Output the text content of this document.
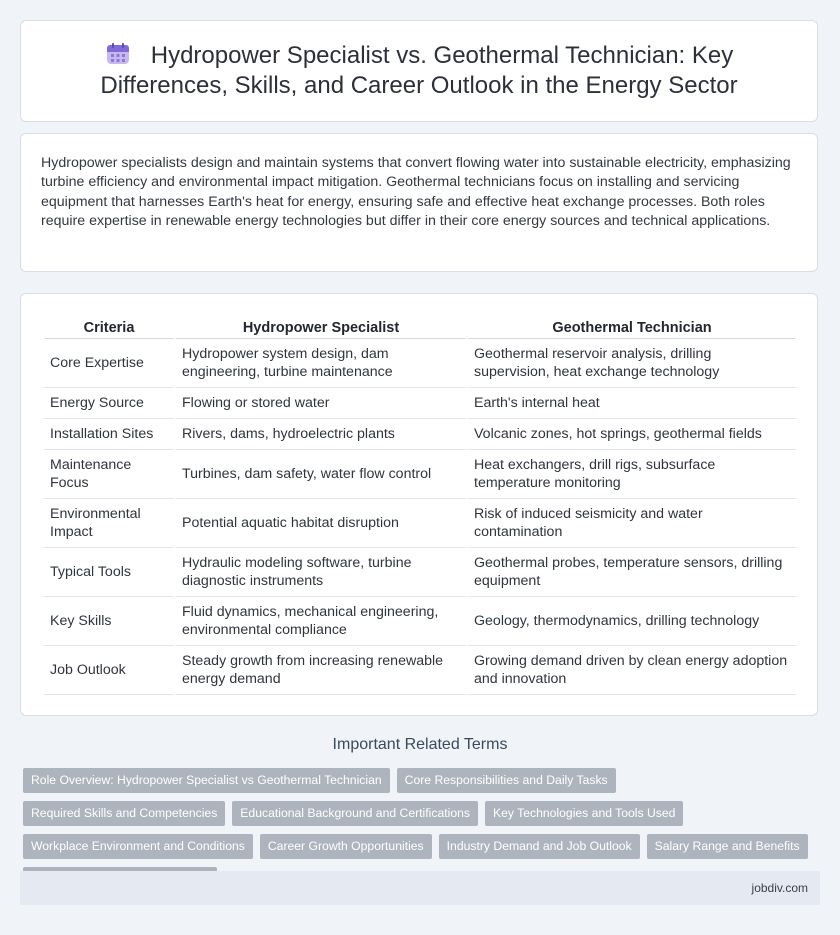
Hydropower Specialist vs. Geothermal Technician: Key Differences, Skills, and Career Outlook in the Energy Sector

Hydropower specialists design and maintain systems that convert flowing water into sustainable electricity, emphasizing turbine efficiency and environmental impact mitigation. Geothermal technicians focus on installing and servicing equipment that harnesses Earth's heat for energy, ensuring safe and effective heat exchange processes. Both roles require expertise in renewable energy technologies but differ in their core energy sources and technical applications.

Criteria	Hydropower Specialist	Geothermal Technician
Core Expertise	Hydropower system design, dam engineering, turbine maintenance	Geothermal reservoir analysis, drilling supervision, heat exchange technology
Energy Source	Flowing or stored water	Earth's internal heat
Installation Sites	Rivers, dams, hydroelectric plants	Volcanic zones, hot springs, geothermal fields
Maintenance Focus	Turbines, dam safety, water flow control	Heat exchangers, drill rigs, subsurface temperature monitoring
Environmental Impact	Potential aquatic habitat disruption	Risk of induced seismicity and water contamination
Typical Tools	Hydraulic modeling software, turbine diagnostic instruments	Geothermal probes, temperature sensors, drilling equipment
Key Skills	Fluid dynamics, mechanical engineering, environmental compliance	Geology, thermodynamics, drilling technology
Job Outlook	Steady growth from increasing renewable energy demand	Growing demand driven by clean energy adoption and innovation
Important Related Terms
Role Overview: Hydropower Specialist vs Geothermal Technician	Core Responsibilities and Daily Tasks
Required Skills and Competencies	Educational Background and Certifications	Key Technologies and Tools Used
Workplace Environment and Conditions	Career Growth Opportunities	Industry Demand and Job Outlook	Salary Range and Benefits
jobdiv.com
